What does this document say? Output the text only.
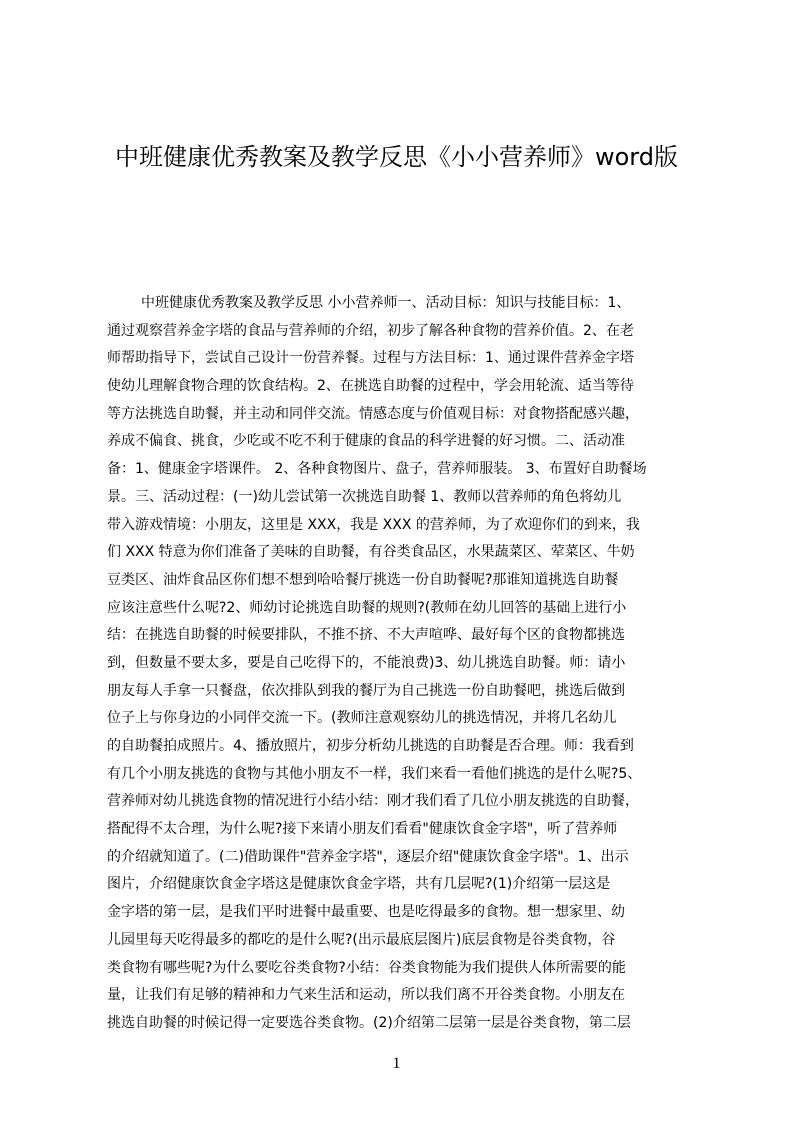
中班健康优秀教案及教学反思《小小营养师》word版
中班健康优秀教案及教学反思 小小营养师一、活动目标：知识与技能目标：1、
通过观察营养金字塔的食品与营养师的介绍，初步了解各种食物的营养价值。2、在老
师帮助指导下，尝试自己设计一份营养餐。过程与方法目标：1、通过课件营养金字塔
使幼儿理解食物合理的饮食结构。2、在挑选自助餐的过程中，学会用轮流、适当等待
等方法挑选自助餐，并主动和同伴交流。情感态度与价值观目标：对食物搭配感兴趣，
养成不偏食、挑食，少吃或不吃不利于健康的食品的科学进餐的好习惯。二、活动准
备：1、健康金字塔课件。 2、各种食物图片、盘子，营养师服装。 3、布置好自助餐场
景。三、活动过程：(一)幼儿尝试第一次挑选自助餐 1、教师以营养师的角色将幼儿
带入游戏情境：小朋友，这里是 XXX，我是 XXX 的营养师，为了欢迎你们的到来，我
们 XXX 特意为你们准备了美味的自助餐，有谷类食品区，水果蔬菜区、荤菜区、牛奶
豆类区、油炸食品区你们想不想到哈哈餐厅挑选一份自助餐呢?那谁知道挑选自助餐
应该注意些什么呢?2、师幼讨论挑选自助餐的规则?(教师在幼儿回答的基础上进行小
结：在挑选自助餐的时候要排队，不推不挤、不大声喧哗、最好每个区的食物都挑选
到，但数量不要太多，要是自己吃得下的，不能浪费)3、幼儿挑选自助餐。师：请小
朋友每人手拿一只餐盘，依次排队到我的餐厅为自己挑选一份自助餐吧，挑选后做到
位子上与你身边的小同伴交流一下。(教师注意观察幼儿的挑选情况，并将几名幼儿
的自助餐拍成照片。4、播放照片，初步分析幼儿挑选的自助餐是否合理。师：我看到
有几个小朋友挑选的食物与其他小朋友不一样，我们来看一看他们挑选的是什么呢?5、
营养师对幼儿挑选食物的情况进行小结小结：刚才我们看了几位小朋友挑选的自助餐，
搭配得不太合理，为什么呢?接下来请小朋友们看看"健康饮食金字塔"，听了营养师
的介绍就知道了。(二)借助课件"营养金字塔"，逐层介绍"健康饮食金字塔"。1、出示
图片，介绍健康饮食金字塔这是健康饮食金字塔，共有几层呢?(1)介绍第一层这是
金字塔的第一层，是我们平时进餐中最重要、也是吃得最多的食物。想一想家里、幼
儿园里每天吃得最多的都吃的是什么呢?(出示最底层图片)底层食物是谷类食物，谷
类食物有哪些呢?为什么要吃谷类食物?小结：谷类食物能为我们提供人体所需要的能
量，让我们有足够的精神和力气来生活和运动，所以我们离不开谷类食物。小朋友在
挑选自助餐的时候记得一定要选谷类食物。(2)介绍第二层第一层是谷类食物，第二层
1
